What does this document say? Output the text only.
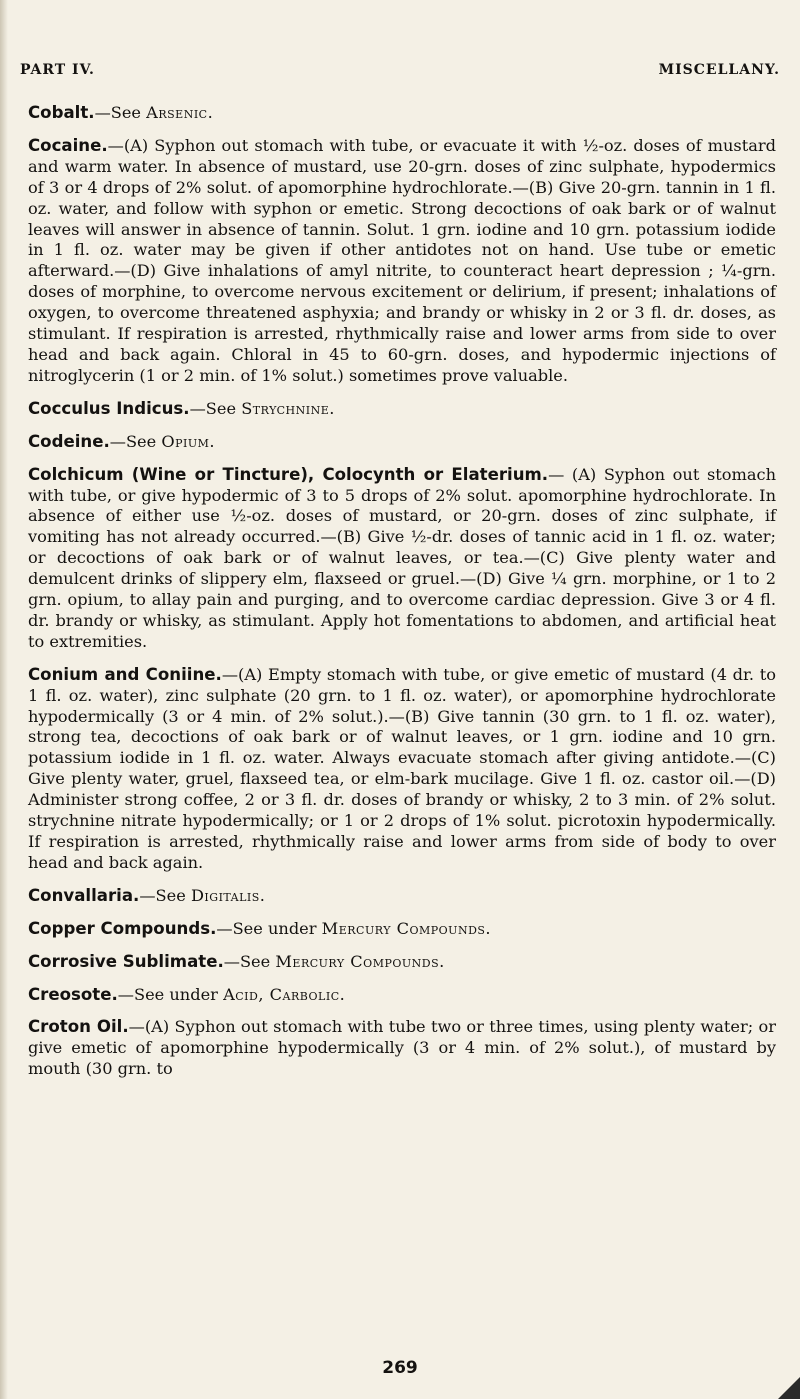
PART IV.	MISCELLANY.

Cobalt.—See Arsenic.

Cocaine.—(A) Syphon out stomach with tube, or evacuate it with ½-oz. doses of mustard and warm water. In absence of mustard, use 20-grn. doses of zinc sulphate, hypodermics of 3 or 4 drops of 2% solut. of apomorphine hydrochlorate.—(B) Give 20-grn. tannin in 1 fl. oz. water, and follow with syphon or emetic. Strong decoctions of oak bark or of walnut leaves will answer in absence of tannin. Solut. 1 grn. iodine and 10 grn. potassium iodide in 1 fl. oz. water may be given if other antidotes not on hand. Use tube or emetic afterward.—(D) Give inhalations of amyl nitrite, to counteract heart depression ; ¼-grn. doses of morphine, to overcome nervous excitement or delirium, if present; inhalations of oxygen, to overcome threatened asphyxia; and brandy or whisky in 2 or 3 fl. dr. doses, as stimulant. If respiration is arrested, rhythmically raise and lower arms from side to over head and back again. Chloral in 45 to 60-grn. doses, and hypodermic injections of nitroglycerin (1 or 2 min. of 1% solut.) sometimes prove valuable.

Cocculus Indicus.—See Strychnine.

Codeine.—See Opium.

Colchicum (Wine or Tincture), Colocynth or Elaterium.— (A) Syphon out stomach with tube, or give hypodermic of 3 to 5 drops of 2% solut. apomorphine hydrochlorate. In absence of either use ½-oz. doses of mustard, or 20-grn. doses of zinc sulphate, if vomiting has not already occurred.—(B) Give ½-dr. doses of tannic acid in 1 fl. oz. water; or decoctions of oak bark or of walnut leaves, or tea.—(C) Give plenty water and demulcent drinks of slippery elm, flaxseed or gruel.—(D) Give ¼ grn. morphine, or 1 to 2 grn. opium, to allay pain and purging, and to overcome cardiac depression. Give 3 or 4 fl. dr. brandy or whisky, as stimulant. Apply hot fomentations to abdomen, and artificial heat to extremities.

Conium and Coniine.—(A) Empty stomach with tube, or give emetic of mustard (4 dr. to 1 fl. oz. water), zinc sulphate (20 grn. to 1 fl. oz. water), or apomorphine hydrochlorate hypodermically (3 or 4 min. of 2% solut.).—(B) Give tannin (30 grn. to 1 fl. oz. water), strong tea, decoctions of oak bark or of walnut leaves, or 1 grn. iodine and 10 grn. potassium iodide in 1 fl. oz. water. Always evacuate stomach after giving antidote.—(C) Give plenty water, gruel, flaxseed tea, or elm-bark mucilage. Give 1 fl. oz. castor oil.—(D) Administer strong coffee, 2 or 3 fl. dr. doses of brandy or whisky, 2 to 3 min. of 2% solut. strychnine nitrate hypodermically; or 1 or 2 drops of 1% solut. picrotoxin hypodermically. If respiration is arrested, rhythmically raise and lower arms from side of body to over head and back again.

Convallaria.—See Digitalis.

Copper Compounds.—See under Mercury Compounds.

Corrosive Sublimate.—See Mercury Compounds.

Creosote.—See under Acid, Carbolic.

Croton Oil.—(A) Syphon out stomach with tube two or three times, using plenty water; or give emetic of apomorphine hypodermically (3 or 4 min. of 2% solut.), of mustard by mouth (30 grn. to

269
